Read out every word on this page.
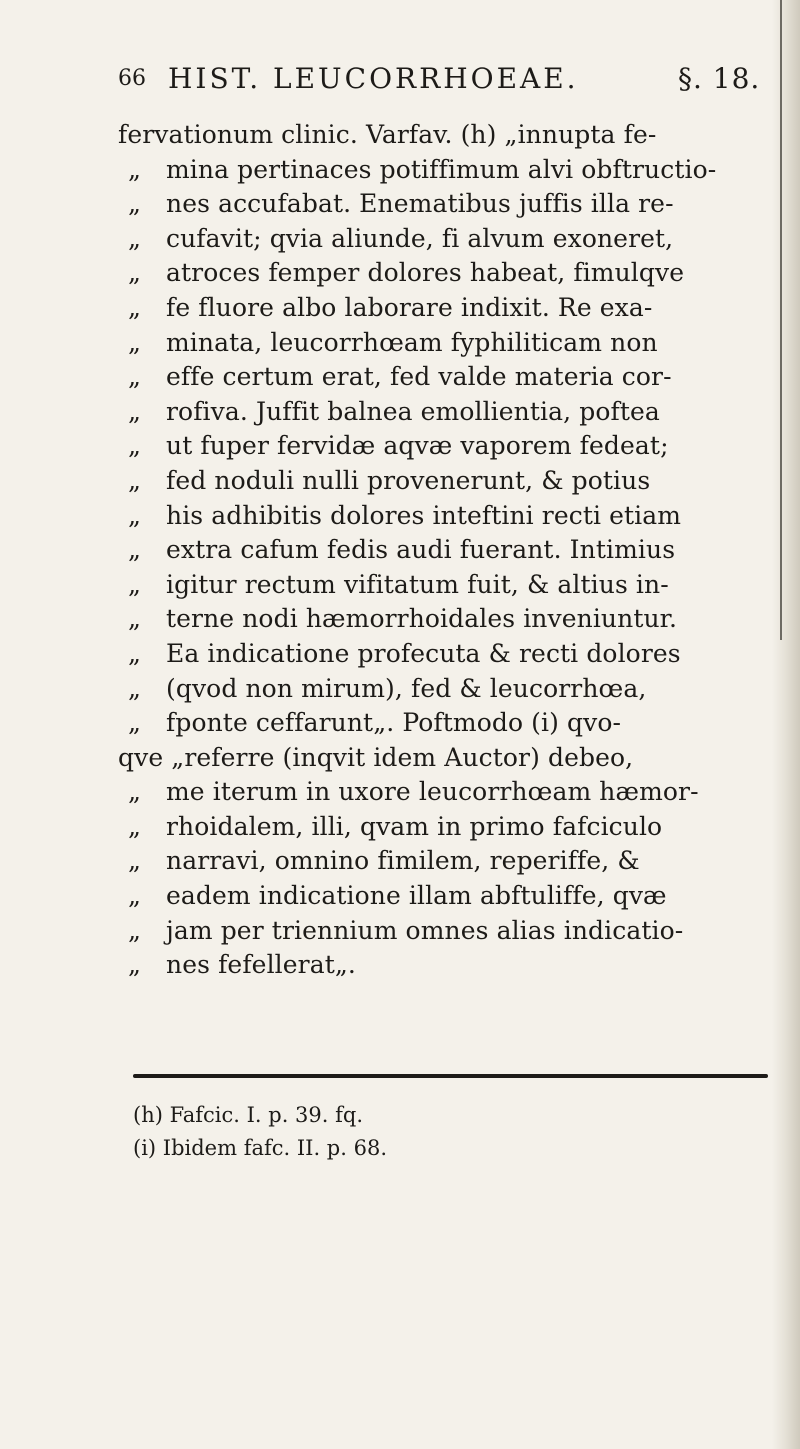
66 HIST. LEUCORRHOEAE.	§. 18.
fervationum clinic. Varfav. (h) „innupta fe-
„ mina pertinaces potiffimum alvi obftructio-
„ nes accufabat. Enematibus juffis illa re-
„ cufavit; qvia aliunde, fi alvum exoneret,
„ atroces femper dolores habeat, fimulqve
„ fe fluore albo laborare indixit. Re exa-
„ minata, leucorrhœam fyphiliticam non
„ effe certum erat, fed valde materia cor-
„ rofiva. Juffit balnea emollientia, poftea
„ ut fuper fervidæ aqvæ vaporem fedeat;
„ fed noduli nulli provenerunt, & potius
„ his adhibitis dolores inteftini recti etiam
„ extra cafum fedis audi fuerant. Intimius
„ igitur rectum vifitatum fuit, & altius in-
„ terne nodi hæmorrhoidales inveniuntur.
„ Ea indicatione profecuta & recti dolores
„ (qvod non mirum), fed & leucorrhœa,
„ fponte ceffarunt„. Poftmodo (i) qvo-
qve „referre (inqvit idem Auctor) debeo,
„ me iterum in uxore leucorrhœam hæmor-
„ rhoidalem, illi, qvam in primo fafciculo
„ narravi, omnino fimilem, reperiffe, &
„ eadem indicatione illam abftuliffe, qvæ
„ jam per triennium omnes alias indicatio-
„ nes fefellerat„.
(h) Fafcic. I. p. 39. fq.
(i) Ibidem fafc. II. p. 68.
